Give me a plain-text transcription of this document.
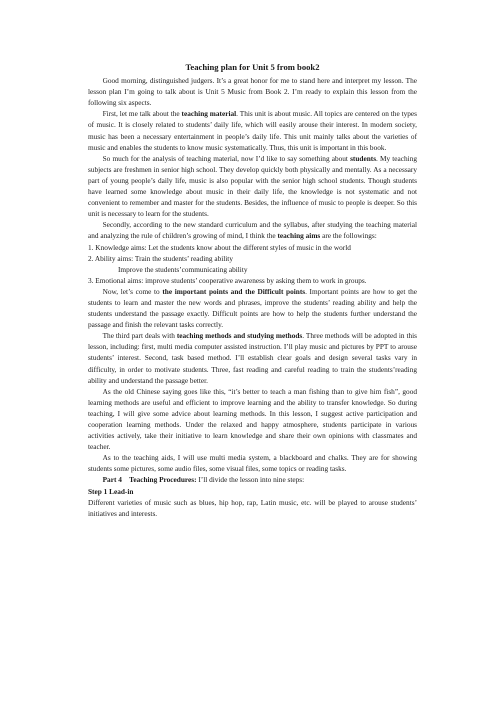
Teaching plan for Unit 5 from book2

Good morning, distinguished judgers. It’s a great honor for me to stand here and interpret my lesson. The lesson plan I’m going to talk about is Unit 5 Music from Book 2. I’m ready to explain this lesson from the following six aspects.

First, let me talk about the teaching material. This unit is about music. All topics are centered on the types of music. It is closely related to students’ daily life, which will easily arouse their interest. In modern society, music has been a necessary entertainment in people’s daily life. This unit mainly talks about the varieties of music and enables the students to know music systematically. Thus, this unit is important in this book.

So much for the analysis of teaching material, now I’d like to say something about students. My teaching subjects are freshmen in senior high school. They develop quickly both physically and mentally. As a necessary part of young people’s daily life, music is also popular with the senior high school students. Though students have learned some knowledge about music in their daily life, the knowledge is not systematic and not convenient to remember and master for the students. Besides, the influence of music to people is deeper. So this unit is necessary to learn for the students.

Secondly, according to the new standard curriculum and the syllabus, after studying the teaching material and analyzing the rule of children’s growing of mind, I think the teaching aims are the followings:

1. Knowledge aims: Let the students know about the different styles of music in the world

2. Ability aims: Train the students’ reading ability

Improve the students’communicating ability

3. Emotional aims: improve students’ cooperative awareness by asking them to work in groups.

Now, let’s come to the important points and the Difficult points. Important points are how to get the students to learn and master the new words and phrases, improve the students’ reading ability and help the students understand the passage exactly. Difficult points are how to help the students further understand the passage and finish the relevant tasks correctly.

The third part deals with teaching methods and studying methods. Three methods will be adopted in this lesson, including: first, multi media computer assisted instruction. I’ll play music and pictures by PPT to arouse students’ interest. Second, task based method. I’ll establish clear goals and design several tasks vary in difficulty, in order to motivate students. Three, fast reading and careful reading to train the students’reading ability and understand the passage better.

As the old Chinese saying goes like this, “it’s better to teach a man fishing than to give him fish”, good learning methods are useful and efficient to improve learning and the ability to transfer knowledge. So during teaching, I will give some advice about learning methods. In this lesson, I suggest active participation and cooperation learning methods. Under the relaxed and happy atmosphere, students participate in various activities actively, take their initiative to learn knowledge and share their own opinions with classmates and teacher.

As to the teaching aids, I will use multi media system, a blackboard and chalks. They are for showing students some pictures, some audio files, some visual files, some topics or reading tasks.

Part 4 Teaching Procedures: I’ll divide the lesson into nine steps:

Step 1 Lead-in

Different varieties of music such as blues, hip hop, rap, Latin music, etc. will be played to arouse students’ initiatives and interests.
